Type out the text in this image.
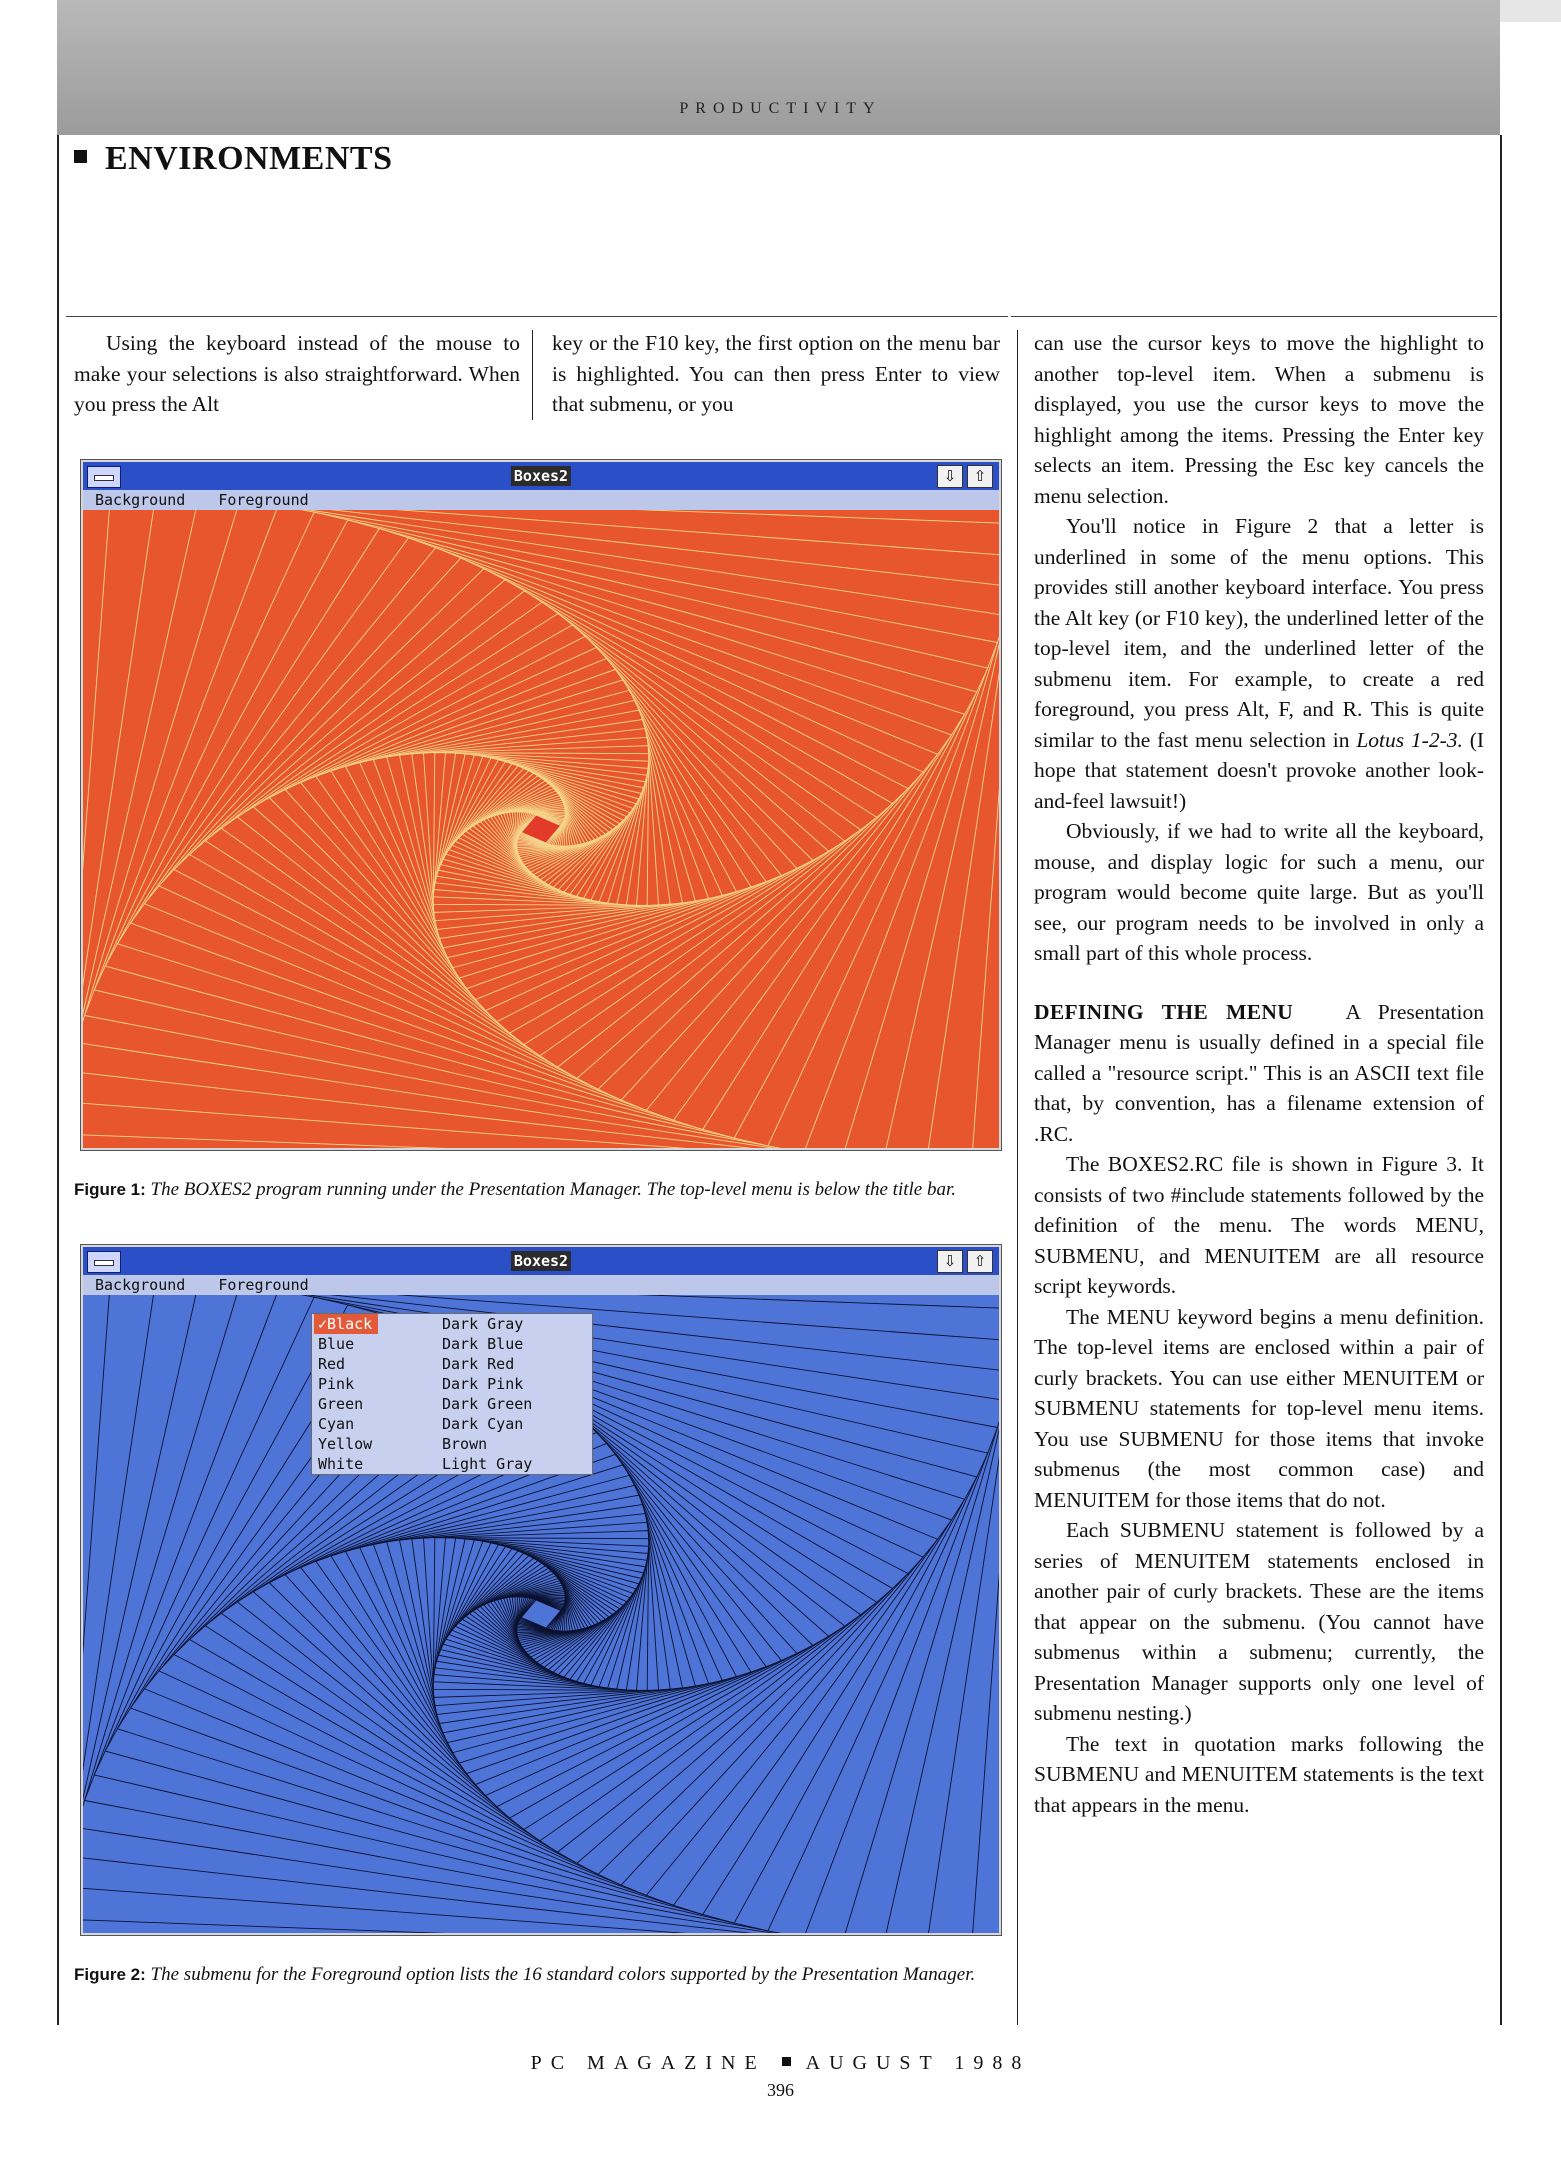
PRODUCTIVITY
ENVIRONMENTS

Using the keyboard instead of the mouse to make your selections is also straightforward. When you press the Alt

key or the F10 key, the first option on the menu bar is highlighted. You can then press Enter to view that submenu, or you

Boxes2	⇩	⇧
Background Foreground
Figure 1: The BOXES2 program running under the Presentation Manager. The top-level menu is below the title bar.
Boxes2	⇩	⇧
Background Foreground
✓Black
Blue
Red
Pink
Green
Cyan
Yellow
White
Dark Gray
Dark Blue
Dark Red
Dark Pink
Dark Green
Dark Cyan
Brown
Light Gray
Figure 2: The submenu for the Foreground option lists the 16 standard colors supported by the Presentation Manager.

can use the cursor keys to move the highlight to another top-level item. When a submenu is displayed, you use the cursor keys to move the highlight among the items. Pressing the Enter key selects an item. Pressing the Esc key cancels the menu selection.

You'll notice in Figure 2 that a letter is underlined in some of the menu options. This provides still another keyboard interface. You press the Alt key (or F10 key), the underlined letter of the top-level item, and the underlined letter of the submenu item. For example, to create a red foreground, you press Alt, F, and R. This is quite similar to the fast menu selection in Lotus 1-2-3. (I hope that statement doesn't provoke another look-and-feel lawsuit!)

Obviously, if we had to write all the keyboard, mouse, and display logic for such a menu, our program would become quite large. But as you'll see, our program needs to be involved in only a small part of this whole process.

DEFINING THE MENU A Presentation Manager menu is usually defined in a special file called a "resource script." This is an ASCII text file that, by convention, has a filename extension of .RC.

The BOXES2.RC file is shown in Figure 3. It consists of two #include statements followed by the definition of the menu. The words MENU, SUBMENU, and MENUITEM are all resource script keywords.

The MENU keyword begins a menu definition. The top-level items are enclosed within a pair of curly brackets. You can use either MENUITEM or SUBMENU statements for top-level menu items. You use SUBMENU for those items that invoke submenus (the most common case) and MENUITEM for those items that do not.

Each SUBMENU statement is followed by a series of MENUITEM statements enclosed in another pair of curly brackets. These are the items that appear on the submenu. (You cannot have submenus within a submenu; currently, the Presentation Manager supports only one level of submenu nesting.)

The text in quotation marks following the SUBMENU and MENUITEM statements is the text that appears in the menu.

PC MAGAZINE AUGUST 1988
396
